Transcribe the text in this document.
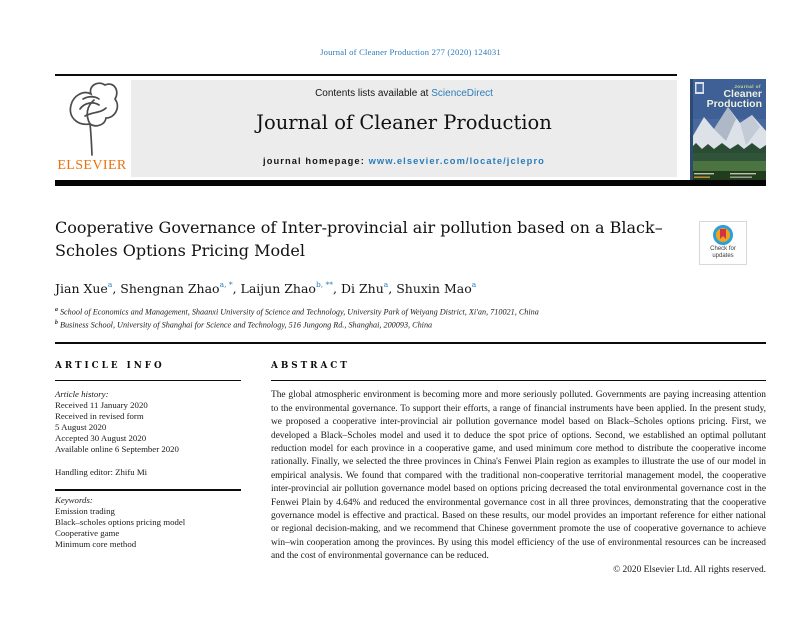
Journal of Cleaner Production 277 (2020) 124031
ELSEVIER
Contents lists available at ScienceDirect
Journal of Cleaner Production
journal homepage: www.elsevier.com/locate/jclepro
Journal of
Cleaner
Production
Cooperative Governance of Inter-provincial air pollution based on a Black–Scholes Options Pricing Model	Check for
updates
Jian Xue$^a$, Shengnan Zhao$^{a, *}$, Laijun Zhao$^{b, **}$, Di Zhu$^a$, Shuxin Mao$^a$
$^a$ School of Economics and Management, Shaanxi University of Science and Technology, University Park of Weiyang District, Xi'an, 710021, China
$^b$ Business School, University of Shanghai for Science and Technology, 516 Jungong Rd., Shanghai, 200093, China
ARTICLE INFO
Article history:
Received 11 January 2020
Received in revised form
5 August 2020
Accepted 30 August 2020
Available online 6 September 2020
Handling editor: Zhifu Mi
Keywords:
Emission trading
Black–scholes options pricing model
Cooperative game
Minimum core method
ABSTRACT
The global atmospheric environment is becoming more and more seriously polluted. Governments are paying increasing attention to the environmental governance. To support their efforts, a range of financial instruments have been applied. In the present study, we proposed a cooperative inter-provincial air pollution governance model based on Black–Scholes options pricing. First, we developed a Black–Scholes model and used it to deduce the spot price of options. Second, we established an optimal pollutant reduction model for each province in a cooperative game, and used minimum core method to distribute the cooperative income rationally. Finally, we selected the three provinces in China's Fenwei Plain region as examples to illustrate the use of our model in empirical analysis. We found that compared with the traditional non-cooperative territorial management model, the cooperative inter-provincial air pollution governance model based on options pricing decreased the total environmental governance cost in the Fenwei Plain by 4.64% and reduced the environmental governance cost in all three provinces, demonstrating that the cooperative governance model is effective and practical. Based on these results, our model provides an important reference for either national or regional decision-making, and we recommend that Chinese government promote the use of cooperative governance to achieve win–win cooperation among the provinces. By using this model efficiency of the use of environmental resources can be increased and the cost of environmental governance can be reduced.
© 2020 Elsevier Ltd. All rights reserved.
